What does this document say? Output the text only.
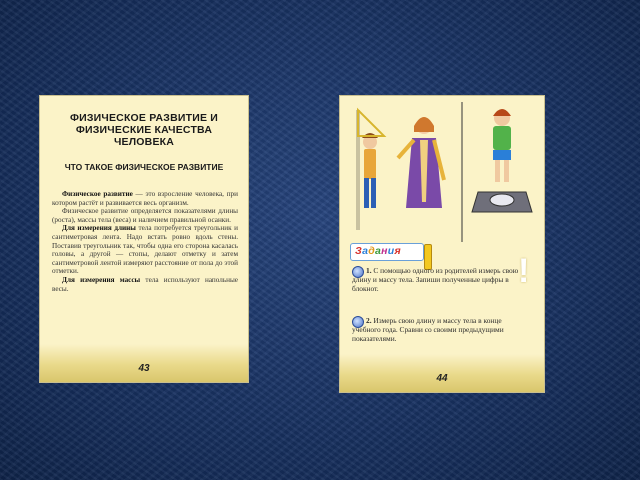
ФИЗИЧЕСКОЕ РАЗВИТИЕ И ФИЗИЧЕСКИЕ КАЧЕСТВА ЧЕЛОВЕКА
ЧТО ТАКОЕ ФИЗИЧЕСКОЕ РАЗВИТИЕ

Физическое развитие — это взросление человека, при котором растёт и развивается весь организм.

Физическое развитие определяется показателями длины (роста), массы тела (веса) и наличием правильной осанки.

Для измерения длины тела потребуется треугольник и сантиметровая лента. Надо встать ровно вдоль стены. Поставив треугольник так, чтобы одна его сторона касалась головы, а другой — стопы, делают отметку и затем сантиметровой лентой измеряют расстояние от пола до этой отметки.

Для измерения массы тела используют напольные весы.

43
Задания
!
1. С помощью одного из родителей измерь свою длину и массу тела. Запиши полученные цифры в блокнот.
2. Измерь свою длину и массу тела в конце учебного года. Сравни со своими предыдущими показателями.
44
